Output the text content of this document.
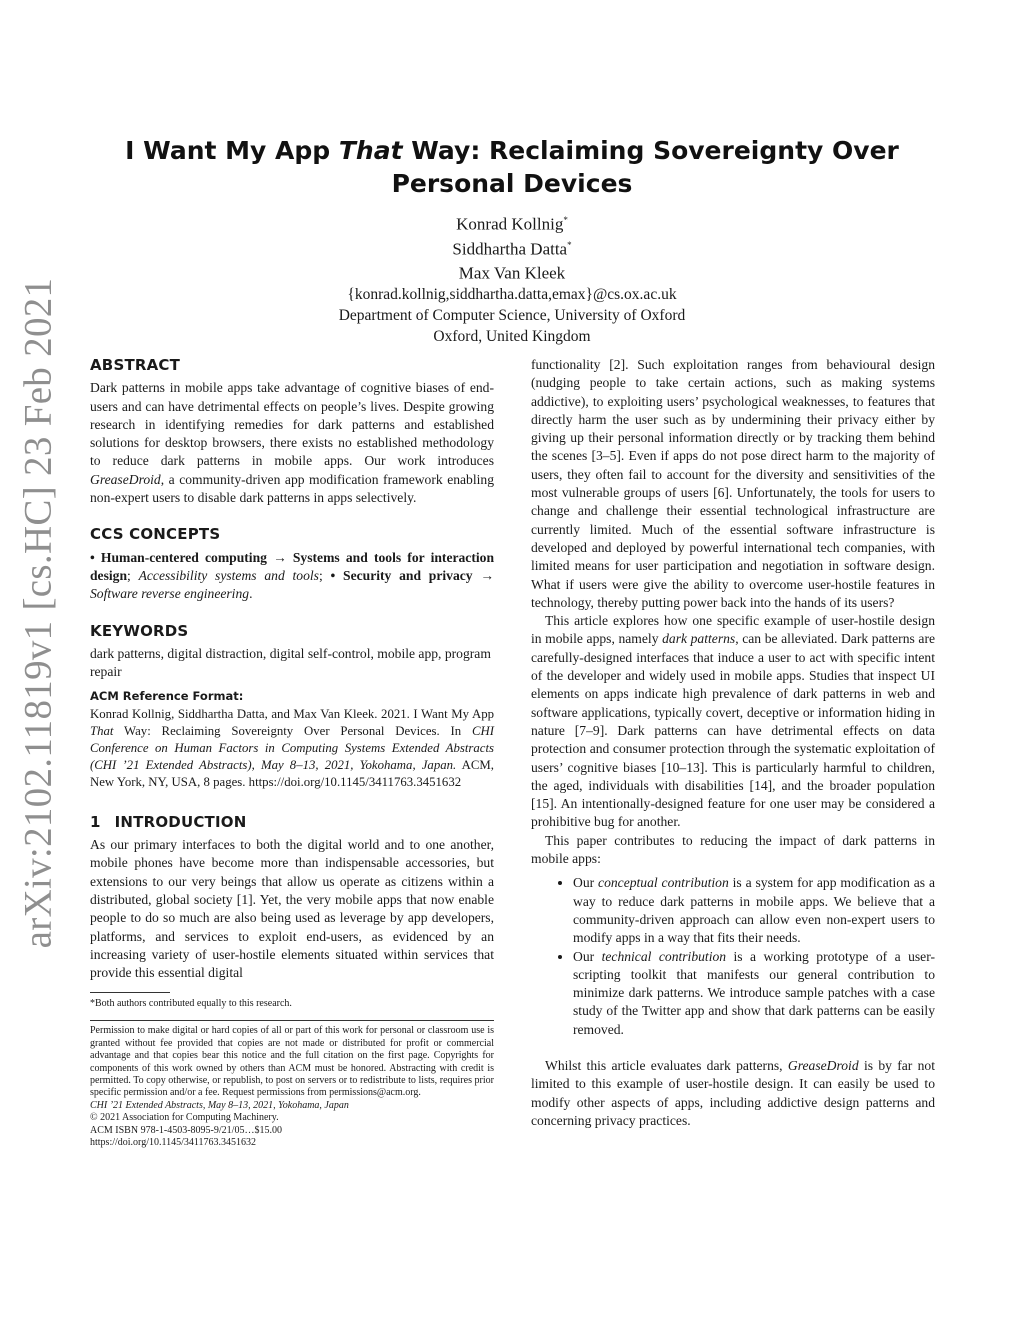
arXiv:2102.11819v1 [cs.HC] 23 Feb 2021
I Want My App That Way: Reclaiming Sovereignty Over
Personal Devices
Konrad Kollnig*
Siddhartha Datta*
Max Van Kleek
{konrad.kollnig,siddhartha.datta,emax}@cs.ox.ac.uk
Department of Computer Science, University of Oxford
Oxford, United Kingdom
ABSTRACT

Dark patterns in mobile apps take advantage of cognitive biases of end-users and can have detrimental effects on people’s lives. Despite growing research in identifying remedies for dark patterns and established solutions for desktop browsers, there exists no established methodology to reduce dark patterns in mobile apps. Our work introduces GreaseDroid, a community-driven app modification framework enabling non-expert users to disable dark patterns in apps selectively.

CCS CONCEPTS

• Human-centered computing → Systems and tools for interaction design; Accessibility systems and tools; • Security and privacy → Software reverse engineering.

KEYWORDS

dark patterns, digital distraction, digital self-control, mobile app, program repair

ACM Reference Format:

Konrad Kollnig, Siddhartha Datta, and Max Van Kleek. 2021. I Want My App That Way: Reclaiming Sovereignty Over Personal Devices. In CHI Conference on Human Factors in Computing Systems Extended Abstracts (CHI ’21 Extended Abstracts), May 8–13, 2021, Yokohama, Japan. ACM, New York, NY, USA, 8 pages. https://doi.org/10.1145/3411763.3451632

1 INTRODUCTION

As our primary interfaces to both the digital world and to one another, mobile phones have become more than indispensable accessories, but extensions to our very beings that allow us operate as citizens within a distributed, global society [1]. Yet, the very mobile apps that now enable people to do so much are also being used as leverage by app developers, platforms, and services to exploit end-users, as evidenced by an increasing variety of user-hostile elements situated within services that provide this essential digital

*Both authors contributed equally to this research.
Permission to make digital or hard copies of all or part of this work for personal or classroom use is granted without fee provided that copies are not made or distributed for profit or commercial advantage and that copies bear this notice and the full citation on the first page. Copyrights for components of this work owned by others than ACM must be honored. Abstracting with credit is permitted. To copy otherwise, or republish, to post on servers or to redistribute to lists, requires prior specific permission and/or a fee. Request permissions from permissions@acm.org.
CHI ’21 Extended Abstracts, May 8–13, 2021, Yokohama, Japan
© 2021 Association for Computing Machinery.
ACM ISBN 978-1-4503-8095-9/21/05…$15.00
https://doi.org/10.1145/3411763.3451632

functionality [2]. Such exploitation ranges from behavioural design (nudging people to take certain actions, such as making systems addictive), to exploiting users’ psychological weaknesses, to features that directly harm the user such as by undermining their privacy either by giving up their personal information directly or by tracking them behind the scenes [3–5]. Even if apps do not pose direct harm to the majority of users, they often fail to account for the diversity and sensitivities of the most vulnerable groups of users [6]. Unfortunately, the tools for users to change and challenge their essential technological infrastructure are currently limited. Much of the essential software infrastructure is developed and deployed by powerful international tech companies, with limited means for user participation and negotiation in software design. What if users were give the ability to overcome user-hostile features in technology, thereby putting power back into the hands of its users?

This article explores how one specific example of user-hostile design in mobile apps, namely dark patterns, can be alleviated. Dark patterns are carefully-designed interfaces that induce a user to act with specific intent of the developer and widely used in mobile apps. Studies that inspect UI elements on apps indicate high prevalence of dark patterns in web and software applications, typically covert, deceptive or information hiding in nature [7–9]. Dark patterns can have detrimental effects on data protection and consumer protection through the systematic exploitation of users’ cognitive biases [10–13]. This is particularly harmful to children, the aged, individuals with disabilities [14], and the broader population [15]. An intentionally-designed feature for one user may be considered a prohibitive bug for another.

This paper contributes to reducing the impact of dark patterns in mobile apps:

• Our conceptual contribution is a system for app modification as a way to reduce dark patterns in mobile apps. We believe that a community-driven approach can allow even non-expert users to modify apps in a way that fits their needs.
• Our technical contribution is a working prototype of a user-scripting toolkit that manifests our general contribution to minimize dark patterns. We introduce sample patches with a case study of the Twitter app and show that dark patterns can be easily removed.

Whilst this article evaluates dark patterns, GreaseDroid is by far not limited to this example of user-hostile design. It can easily be used to modify other aspects of apps, including addictive design patterns and concerning privacy practices.
